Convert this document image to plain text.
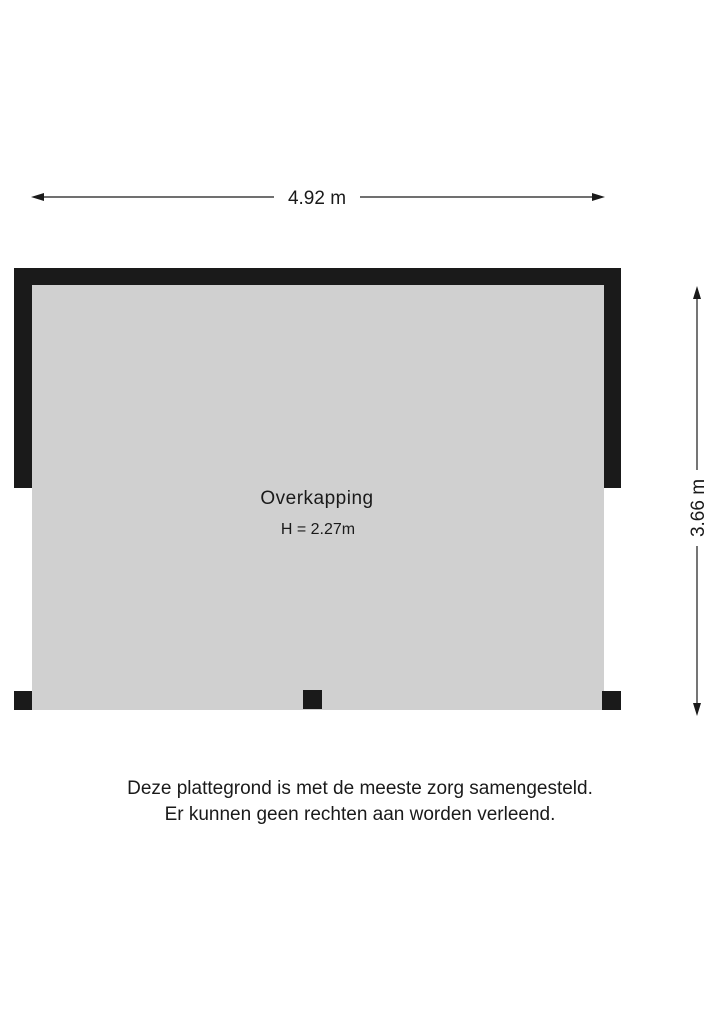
4.92 m
3.66 m
Overkapping
H = 2.27m
Deze plattegrond is met de meeste zorg samengesteld.
Er kunnen geen rechten aan worden verleend.
